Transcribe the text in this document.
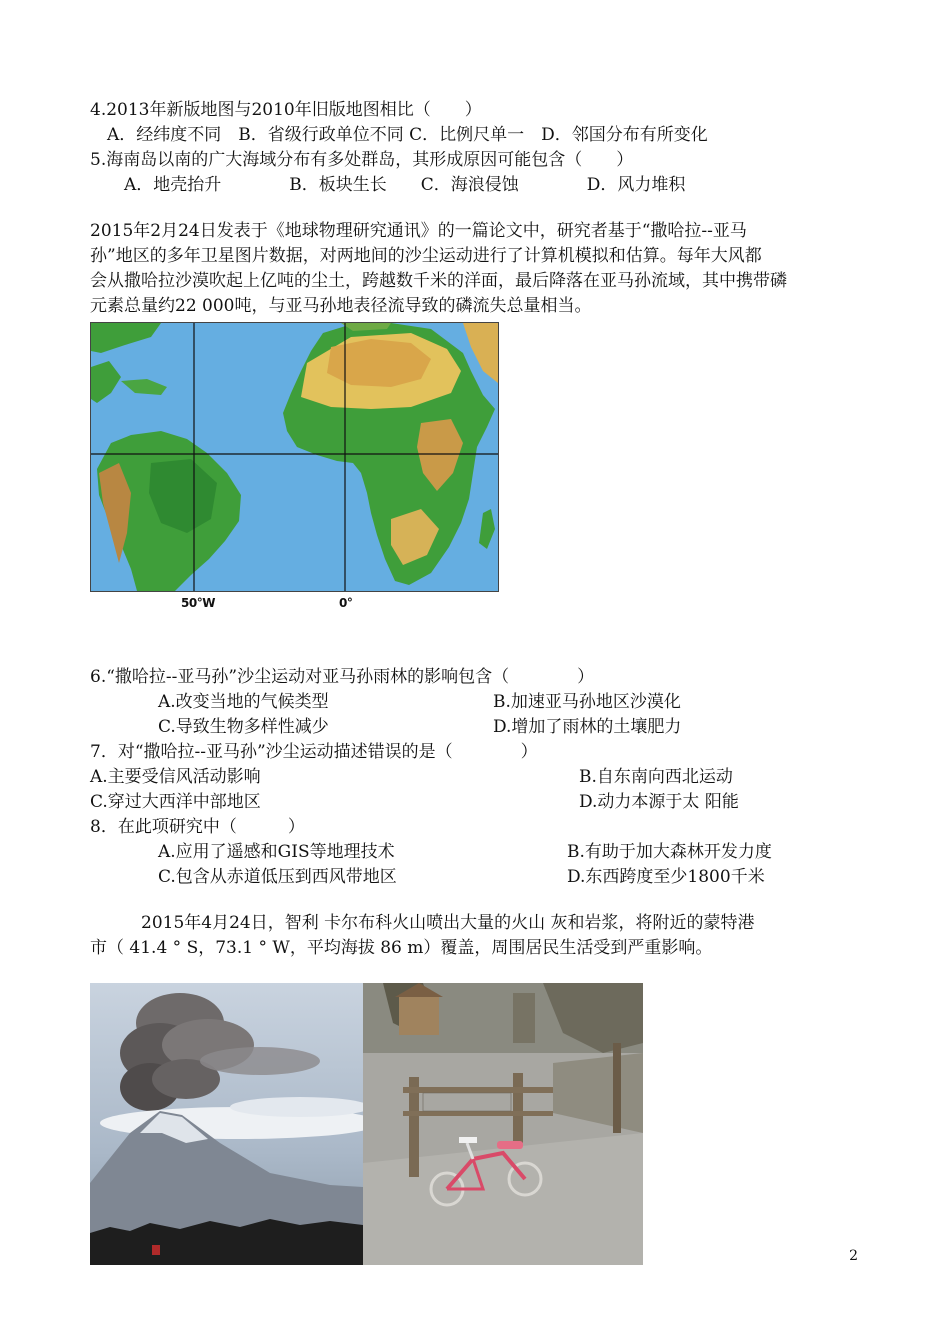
4.2013年新版地图与2010年旧版地图相比（　　）
　A．经纬度不同　B．省级行政单位不同 C．比例尺单一　D．邻国分布有所变化
5.海南岛以南的广大海域分布有多处群岛，其形成原因可能包含（　　）
　　A．地壳抬升　　　　B．板块生长　　C．海浪侵蚀　　　　D．风力堆积
2015年2月24日发表于《地球物理研究通讯》的一篇论文中，研究者基于“撒哈拉--亚马
孙”地区的多年卫星图片数据，对两地间的沙尘运动进行了计算机模拟和估算。每年大风都
会从撒哈拉沙漠吹起上亿吨的尘土，跨越数千米的洋面，最后降落在亚马孙流域，其中携带磷
元素总量约22 000吨，与亚马孙地表径流导致的磷流失总量相当。
50°W	0°
6.“撒哈拉--亚马孙”沙尘运动对亚马孙雨林的影响包含（　　　　）
A.改变当地的气候类型	B.加速亚马孙地区沙漠化
C.导致生物多样性减少	D.增加了雨林的土壤肥力
7．对“撒哈拉--亚马孙”沙尘运动描述错误的是（　　　　）
A.主要受信风活动影响	B.自东南向西北运动
C.穿过大西洋中部地区	D.动力本源于太 阳能
8．在此项研究中（　　　）
A.应用了遥感和GIS等地理技术	B.有助于加大森林开发力度
C.包含从赤道低压到西风带地区	D.东西跨度至少1800千米
　　　2015年4月24日，智利 卡尔布科火山喷出大量的火山 灰和岩浆，将附近的蒙特港
市（ 41.4 ° S，73.1 ° W，平均海拔 86 m）覆盖，周围居民生活受到严重影响。
2
